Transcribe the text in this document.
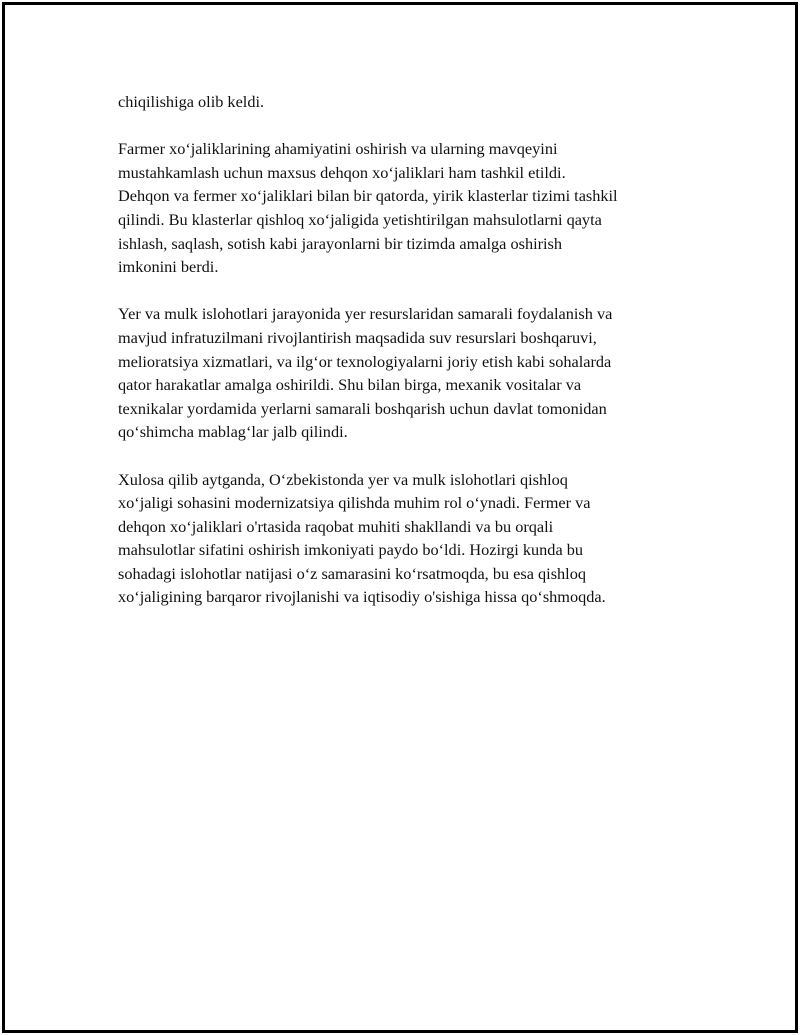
chiqilishiga olib keldi.

Farmer xo‘jaliklarining ahamiyatini oshirish va ularning mavqeyini
mustahkamlash uchun maxsus dehqon xo‘jaliklari ham tashkil etildi.
Dehqon va fermer xo‘jaliklari bilan bir qatorda, yirik klasterlar tizimi tashkil
qilindi. Bu klasterlar qishloq xo‘jaligida yetishtirilgan mahsulotlarni qayta
ishlash, saqlash, sotish kabi jarayonlarni bir tizimda amalga oshirish
imkonini berdi.

Yer va mulk islohotlari jarayonida yer resurslaridan samarali foydalanish va
mavjud infratuzilmani rivojlantirish maqsadida suv resurslari boshqaruvi,
melioratsiya xizmatlari, va ilg‘or texnologiyalarni joriy etish kabi sohalarda
qator harakatlar amalga oshirildi. Shu bilan birga, mexanik vositalar va
texnikalar yordamida yerlarni samarali boshqarish uchun davlat tomonidan
qo‘shimcha mablag‘lar jalb qilindi.

Xulosa qilib aytganda, O‘zbekistonda yer va mulk islohotlari qishloq
xo‘jaligi sohasini modernizatsiya qilishda muhim rol o‘ynadi. Fermer va
dehqon xo‘jaliklari o'rtasida raqobat muhiti shakllandi va bu orqali
mahsulotlar sifatini oshirish imkoniyati paydo bo‘ldi. Hozirgi kunda bu
sohadagi islohotlar natijasi o‘z samarasini ko‘rsatmoqda, bu esa qishloq
xo‘jaligining barqaror rivojlanishi va iqtisodiy o'sishiga hissa qo‘shmoqda.
